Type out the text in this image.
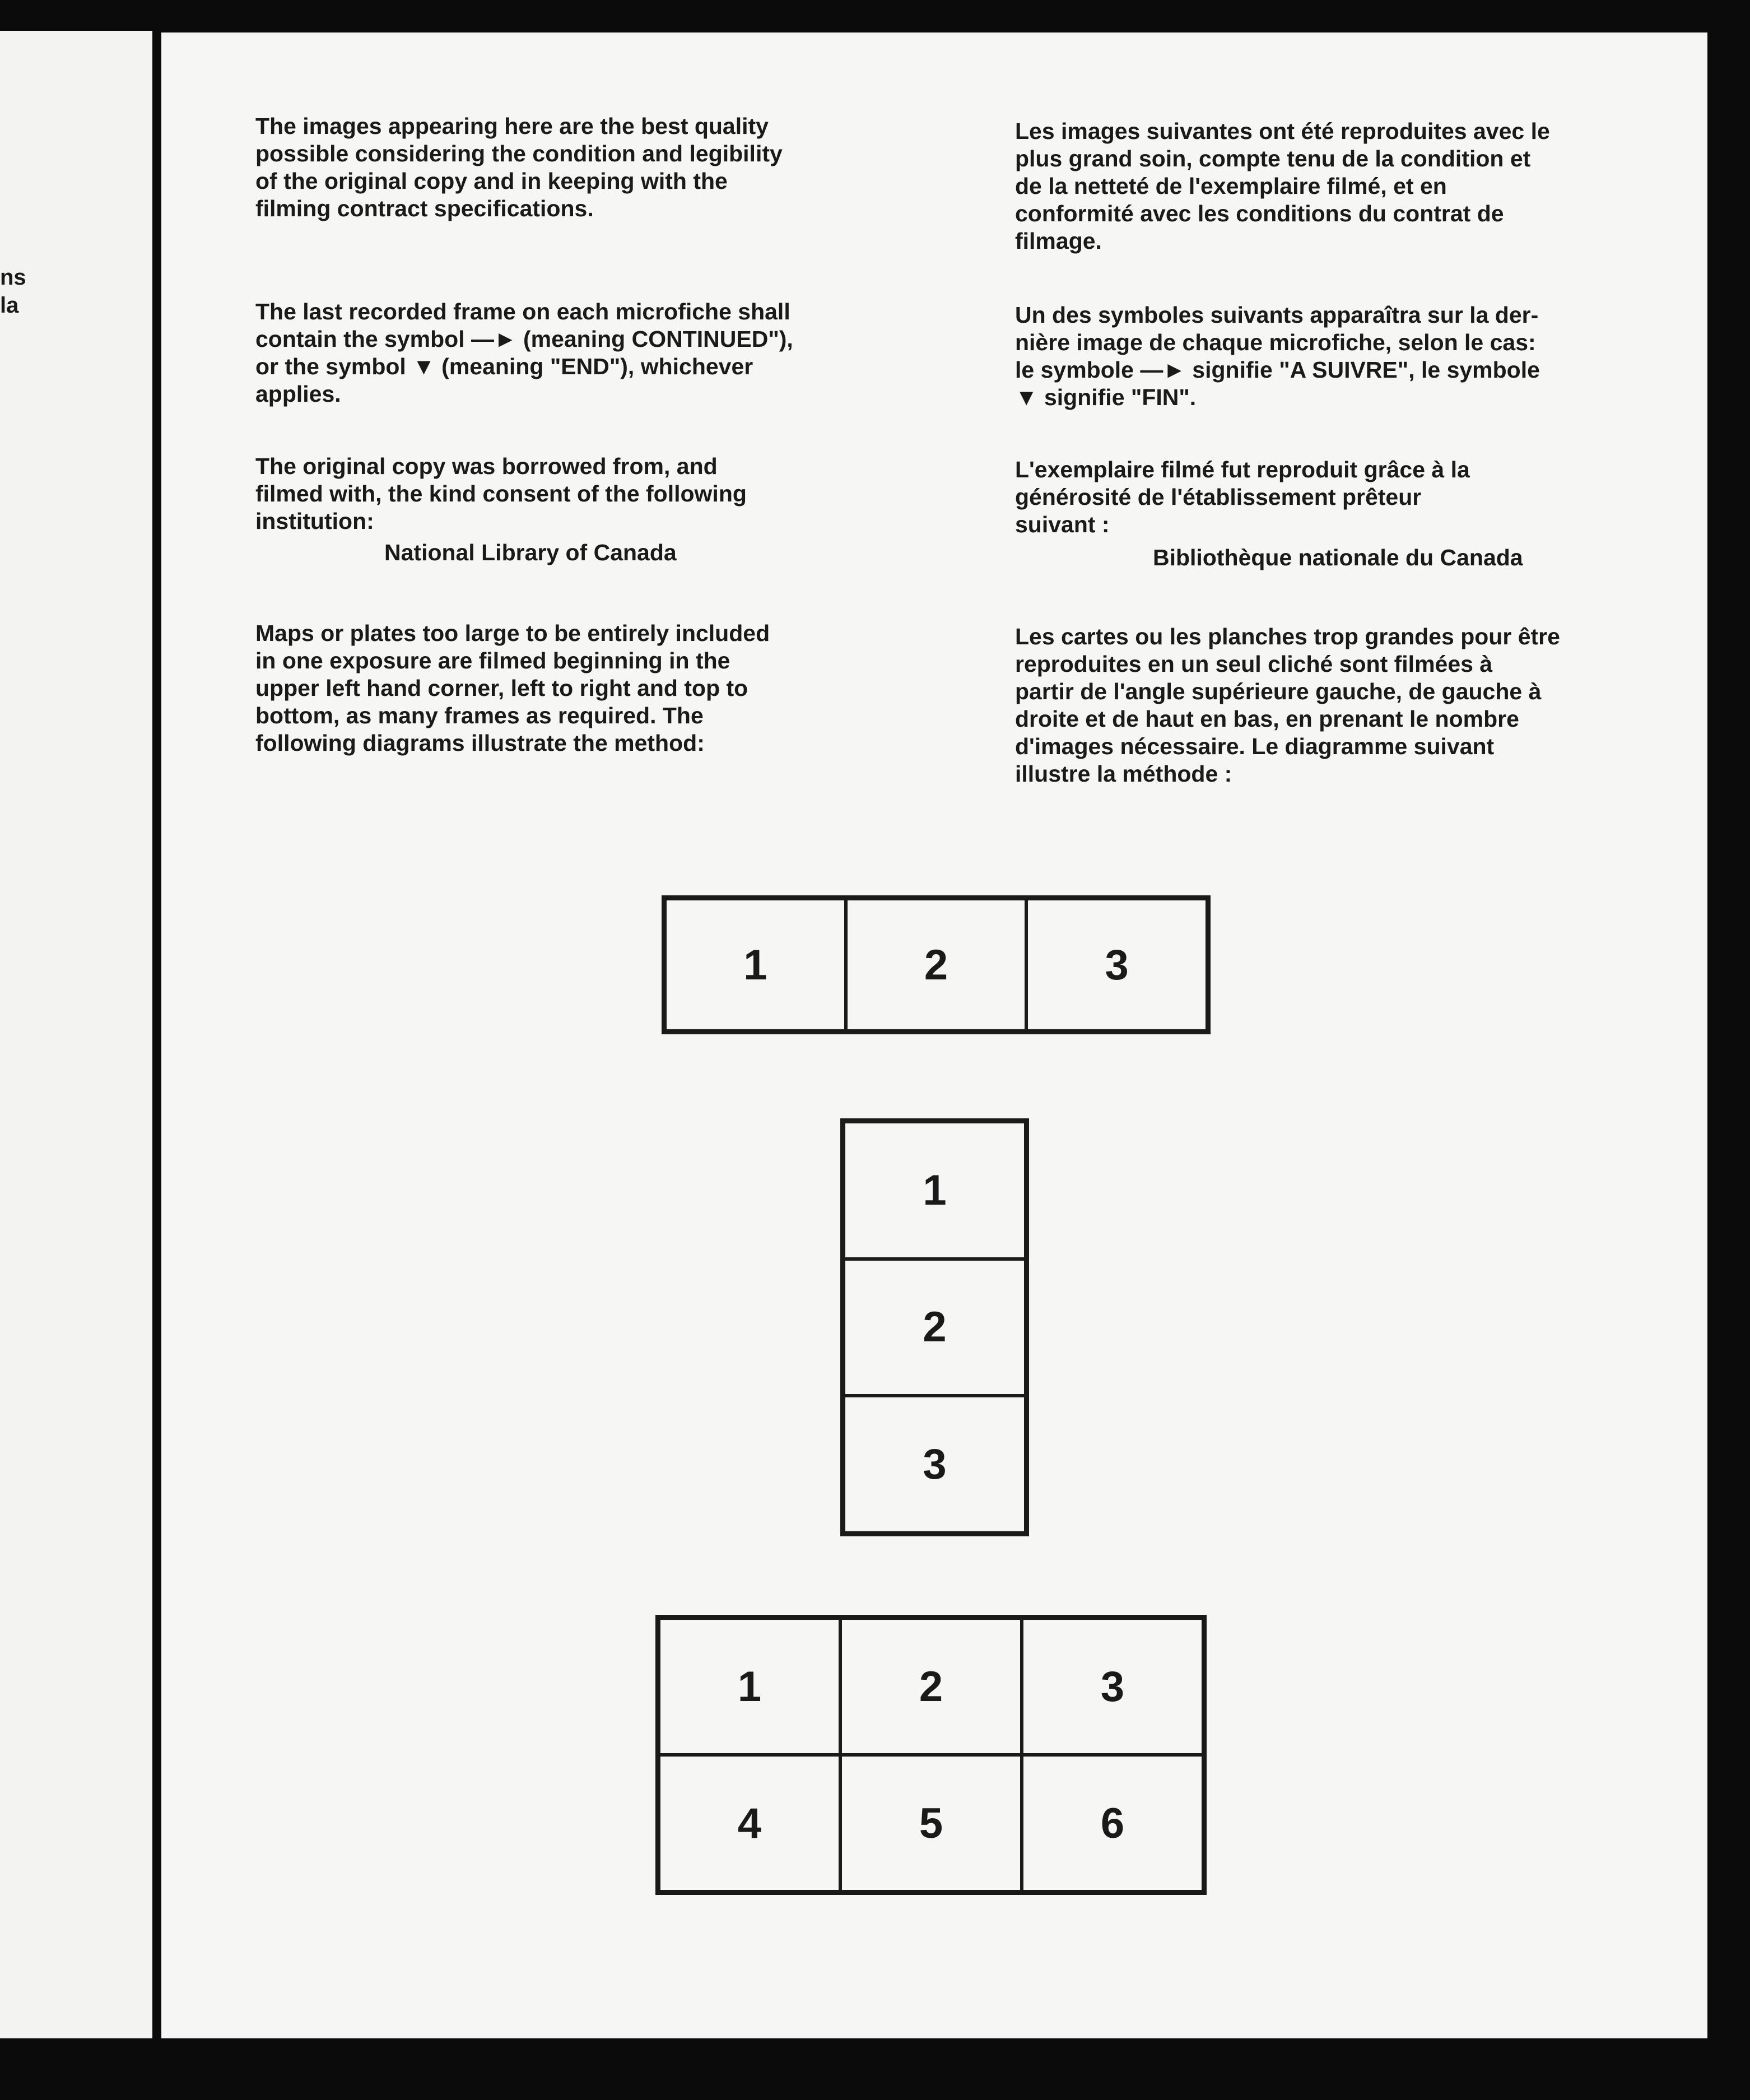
ns
la
The images appearing here are the best quality
possible considering the condition and legibility
of the original copy and in keeping with the
filming contract specifications.
The last recorded frame on each microfiche shall
contain the symbol —► (meaning CONTINUED"),
or the symbol ▼ (meaning "END"), whichever
applies.
The original copy was borrowed from, and
filmed with, the kind consent of the following
institution:
National Library of Canada
Maps or plates too large to be entirely included
in one exposure are filmed beginning in the
upper left hand corner, left to right and top to
bottom, as many frames as required. The
following diagrams illustrate the method:
Les images suivantes ont été reproduites avec le
plus grand soin, compte tenu de la condition et
de la netteté de l'exemplaire filmé, et en
conformité avec les conditions du contrat de
filmage.
Un des symboles suivants apparaîtra sur la der-
nière image de chaque microfiche, selon le cas:
le symbole —► signifie "A SUIVRE", le symbole
▼ signifie "FIN".
L'exemplaire filmé fut reproduit grâce à la
générosité de l'établissement prêteur
suivant :
Bibliothèque nationale du Canada
Les cartes ou les planches trop grandes pour être
reproduites en un seul cliché sont filmées à
partir de l'angle supérieure gauche, de gauche à
droite et de haut en bas, en prenant le nombre
d'images nécessaire. Le diagramme suivant
illustre la méthode :
1	2	3
1
2
3
1	2	3
4	5	6
